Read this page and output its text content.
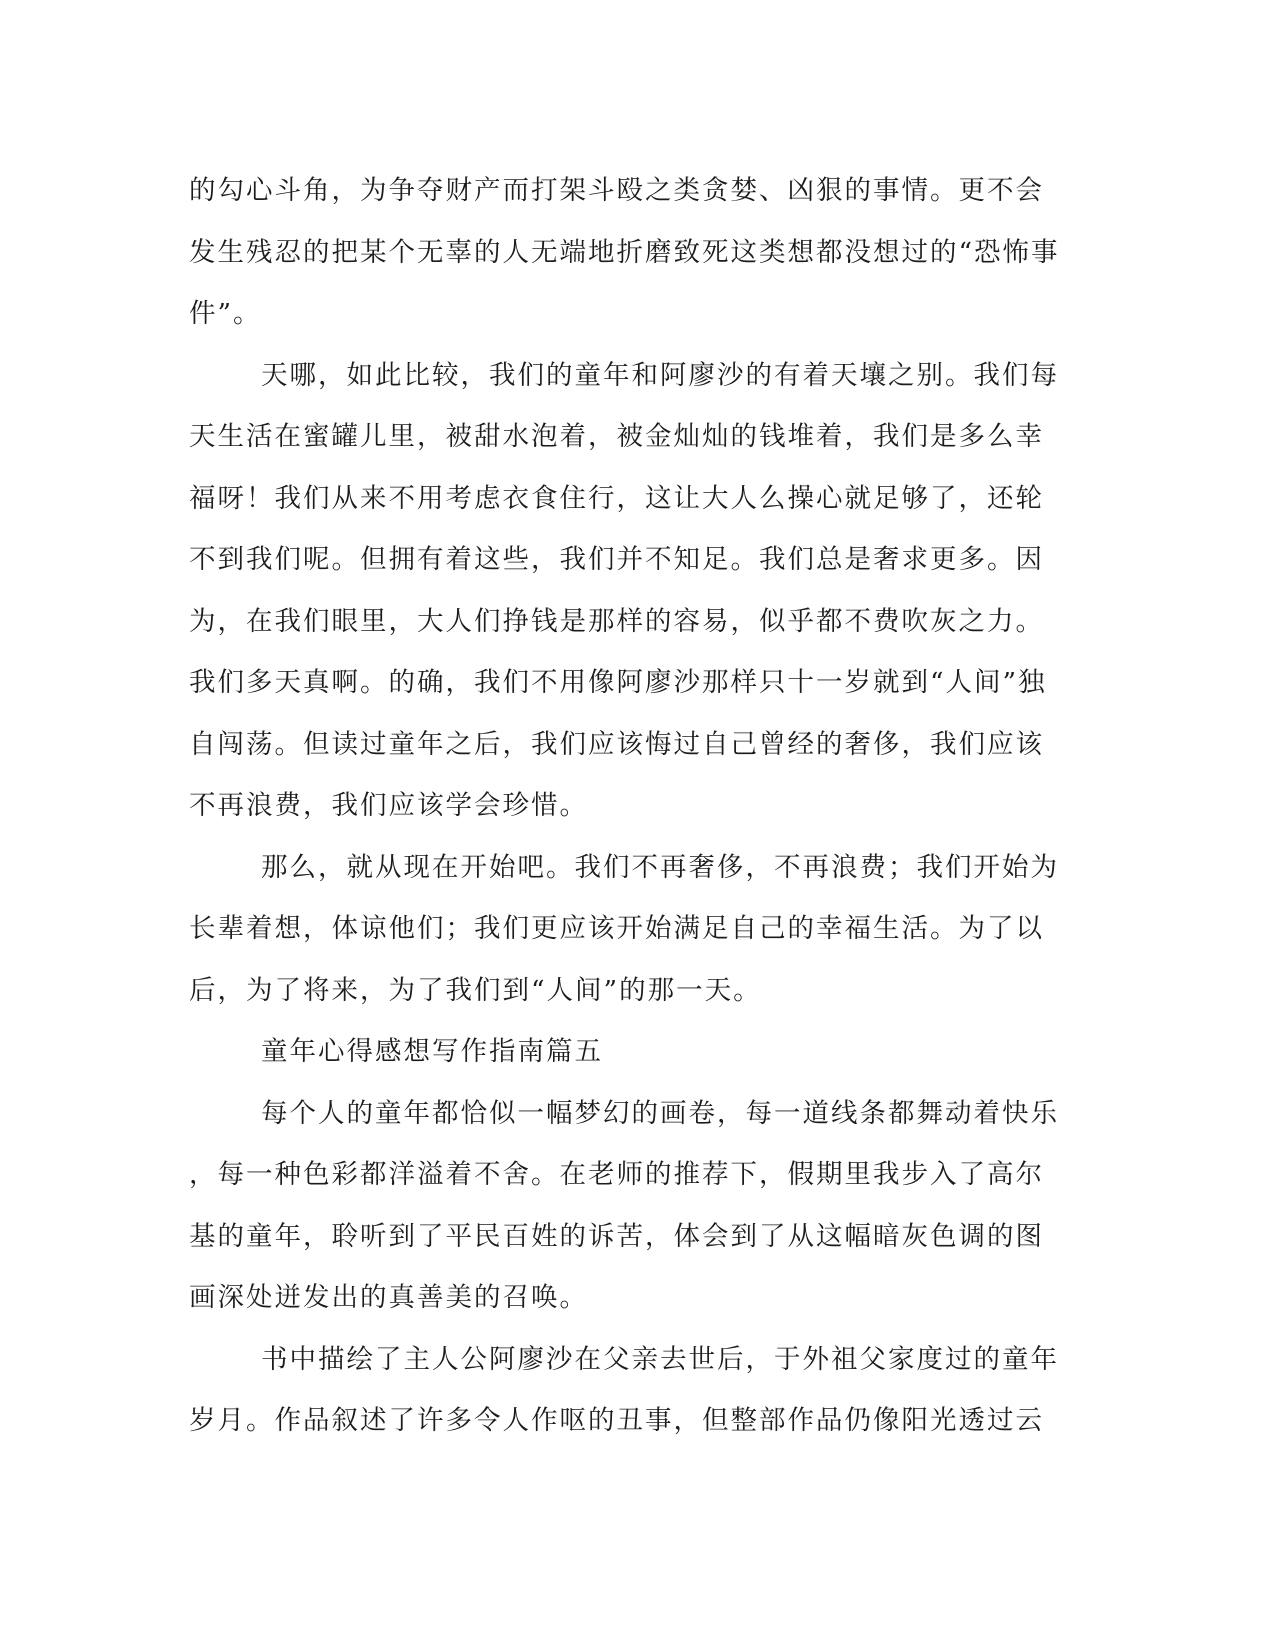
的勾心斗角，为争夺财产而打架斗殴之类贪婪、凶狠的事情。更不会
发生残忍的把某个无辜的人无端地折磨致死这类想都没想过的“恐怖事
件”。

天哪，如此比较，我们的童年和阿廖沙的有着天壤之别。我们每
天生活在蜜罐儿里，被甜水泡着，被金灿灿的钱堆着，我们是多么幸
福呀！我们从来不用考虑衣食住行，这让大人么操心就足够了，还轮
不到我们呢。但拥有着这些，我们并不知足。我们总是奢求更多。因
为，在我们眼里，大人们挣钱是那样的容易，似乎都不费吹灰之力。
我们多天真啊。的确，我们不用像阿廖沙那样只十一岁就到“人间”独
自闯荡。但读过童年之后，我们应该悔过自己曾经的奢侈，我们应该
不再浪费，我们应该学会珍惜。

那么，就从现在开始吧。我们不再奢侈，不再浪费；我们开始为
长辈着想，体谅他们；我们更应该开始满足自己的幸福生活。为了以
后，为了将来，为了我们到“人间”的那一天。

童年心得感想写作指南篇五

每个人的童年都恰似一幅梦幻的画卷，每一道线条都舞动着快乐
，每一种色彩都洋溢着不舍。在老师的推荐下，假期里我步入了高尔
基的童年，聆听到了平民百姓的诉苦，体会到了从这幅暗灰色调的图
画深处迸发出的真善美的召唤。

书中描绘了主人公阿廖沙在父亲去世后，于外祖父家度过的童年
岁月。作品叙述了许多令人作呕的丑事，但整部作品仍像阳光透过云
